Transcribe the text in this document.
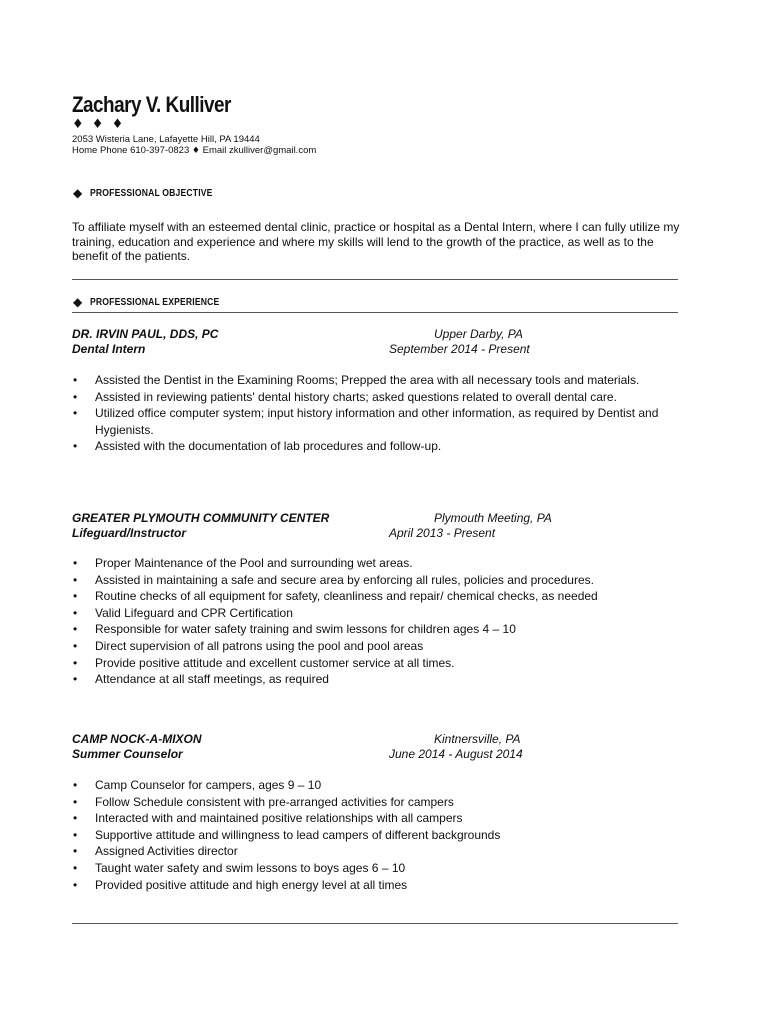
Zachary V. Kulliver
♦ ♦ ♦
2053 Wisteria Lane, Lafayette Hill, PA 19444
Home Phone 610-397-0823 ♦ Email zkulliver@gmail.com
◆ PROFESSIONAL OBJECTIVE
To affiliate myself with an esteemed dental clinic, practice or hospital as a Dental Intern, where I can fully utilize my training, education and experience and where my skills will lend to the growth of the practice, as well as to the benefit of the patients.
◆ PROFESSIONAL EXPERIENCE
DR. IRVIN PAUL, DDS, PC	Upper Darby, PA
Dental Intern	September 2014 - Present
• Assisted the Dentist in the Examining Rooms; Prepped the area with all necessary tools and materials.
• Assisted in reviewing patients' dental history charts; asked questions related to overall dental care.
• Utilized office computer system; input history information and other information, as required by Dentist and Hygienists.
• Assisted with the documentation of lab procedures and follow-up.
GREATER PLYMOUTH COMMUNITY CENTER	Plymouth Meeting, PA
Lifeguard/Instructor	April 2013 - Present
• Proper Maintenance of the Pool and surrounding wet areas.
• Assisted in maintaining a safe and secure area by enforcing all rules, policies and procedures.
• Routine checks of all equipment for safety, cleanliness and repair/ chemical checks, as needed
• Valid Lifeguard and CPR Certification
• Responsible for water safety training and swim lessons for children ages 4 – 10
• Direct supervision of all patrons using the pool and pool areas
• Provide positive attitude and excellent customer service at all times.
• Attendance at all staff meetings, as required
CAMP NOCK-A-MIXON	Kintnersville, PA
Summer Counselor	June 2014 - August 2014
• Camp Counselor for campers, ages 9 – 10
• Follow Schedule consistent with pre-arranged activities for campers
• Interacted with and maintained positive relationships with all campers
• Supportive attitude and willingness to lead campers of different backgrounds
• Assigned Activities director
• Taught water safety and swim lessons to boys ages 6 – 10
• Provided positive attitude and high energy level at all times
